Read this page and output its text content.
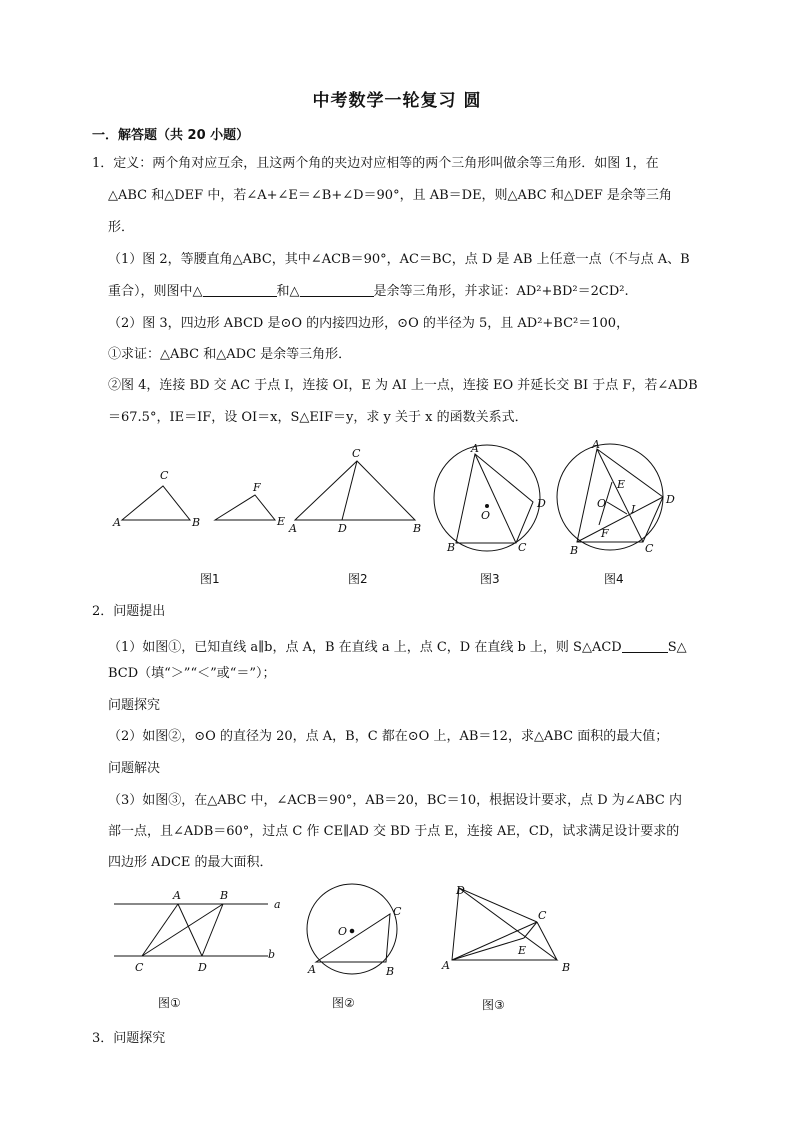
中考数学一轮复习 圆
一．解答题（共 20 小题）
1．定义：两个角对应互余，且这两个角的夹边对应相等的两个三角形叫做余等三角形．如图 1，在
△ABC 和△DEF 中，若∠A+∠E＝∠B+∠D＝90°，且 AB＝DE，则△ABC 和△DEF 是余等三角
形．
（1）图 2，等腰直角△ABC，其中∠ACB＝90°，AC＝BC，点 D 是 AB 上任意一点（不与点 A、B
重合），则图中△	和△	是余等三角形，并求证：AD²+BD²＝2CD².
（2）图 3，四边形 ABCD 是⊙O 的内接四边形，⊙O 的半径为 5，且 AD²+BC²＝100，
①求证：△ABC 和△ADC 是余等三角形．
②图 4，连接 BD 交 AC 于点 I，连接 OI，E 为 AI 上一点，连接 EO 并延长交 BI 于点 F，若∠ADB
＝67.5°，IE＝IF，设 OI＝x，S△EIF＝y，求 y 关于 x 的函数关系式．
A	B
C
E
F
图1
C
A	D	B
图2
A
O
D
B	C
图3
A
E
D
O I
F
B	C
图4
2．问题提出
（1）如图①，已知直线 a∥b，点 A，B 在直线 a 上，点 C，D 在直线 b 上，则 S△ACD	S△
BCD（填“＞”“＜”或“＝”）；
问题探究
（2）如图②，⊙O 的直径为 20，点 A，B，C 都在⊙O 上，AB＝12，求△ABC 面积的最大值；
问题解决
（3）如图③，在△ABC 中，∠ACB＝90°，AB＝20，BC＝10，根据设计要求，点 D 为∠ABC 内
部一点，且∠ADB＝60°，过点 C 作 CE∥AD 交 BD 于点 E，连接 AE，CD，试求满足设计要求的
四边形 ADCE 的最大面积．
A	B
a
b
C	D
图①
O
C
A	B
图②
D
C
E
A	B
图③
3．问题探究
